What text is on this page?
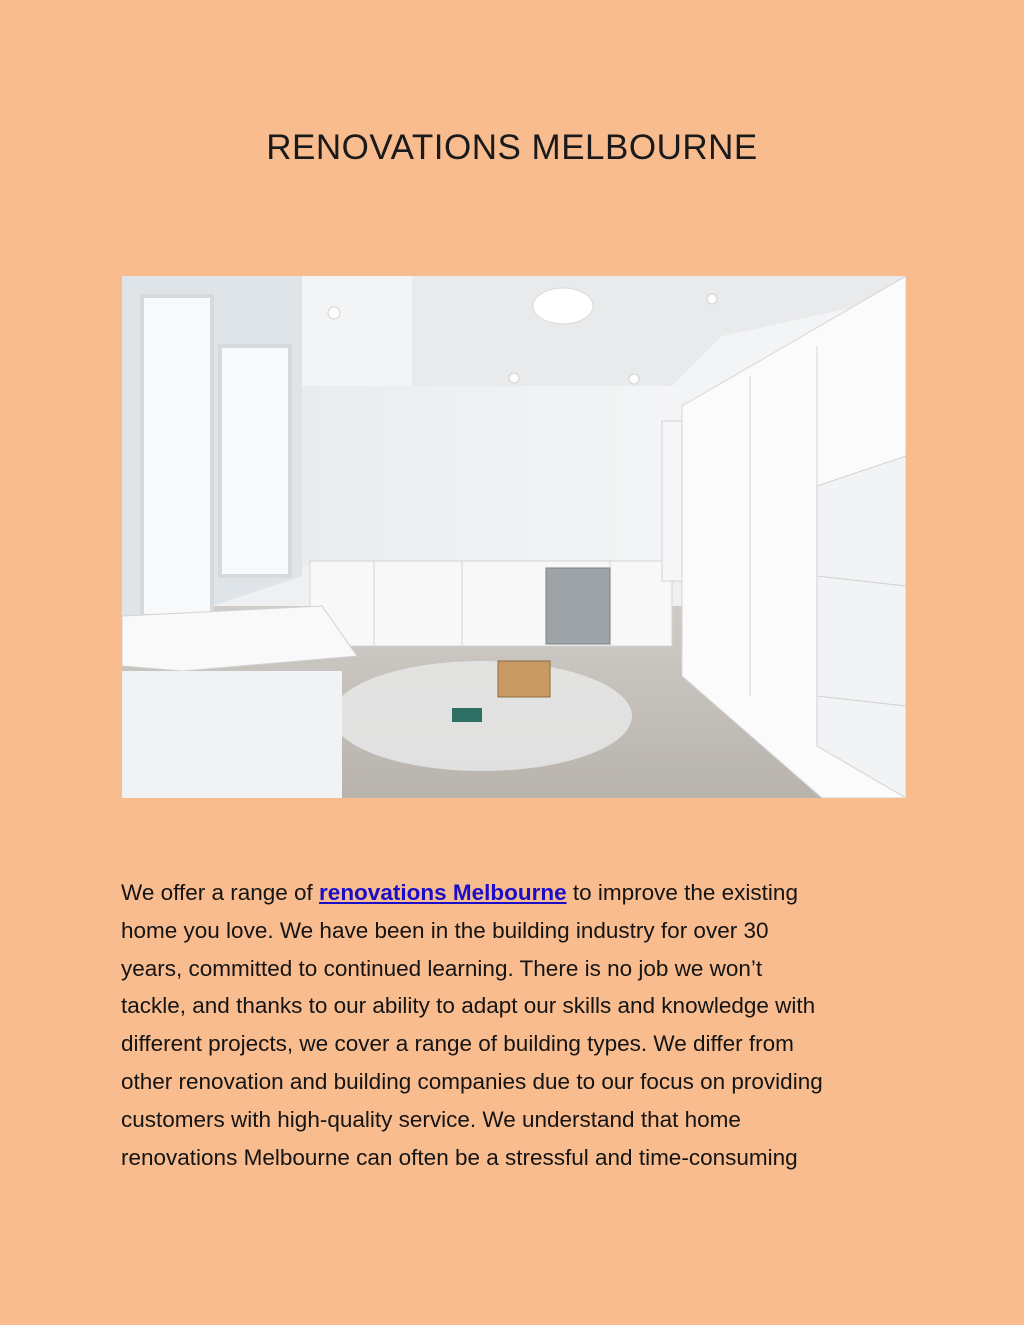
RENOVATIONS MELBOURNE
We offer a range of renovations Melbourne to improve the existing
home you love. We have been in the building industry for over 30
years, committed to continued learning. There is no job we won’t
tackle, and thanks to our ability to adapt our skills and knowledge with
different projects, we cover a range of building types. We differ from
other renovation and building companies due to our focus on providing
customers with high-quality service. We understand that home
renovations Melbourne can often be a stressful and time-consuming
